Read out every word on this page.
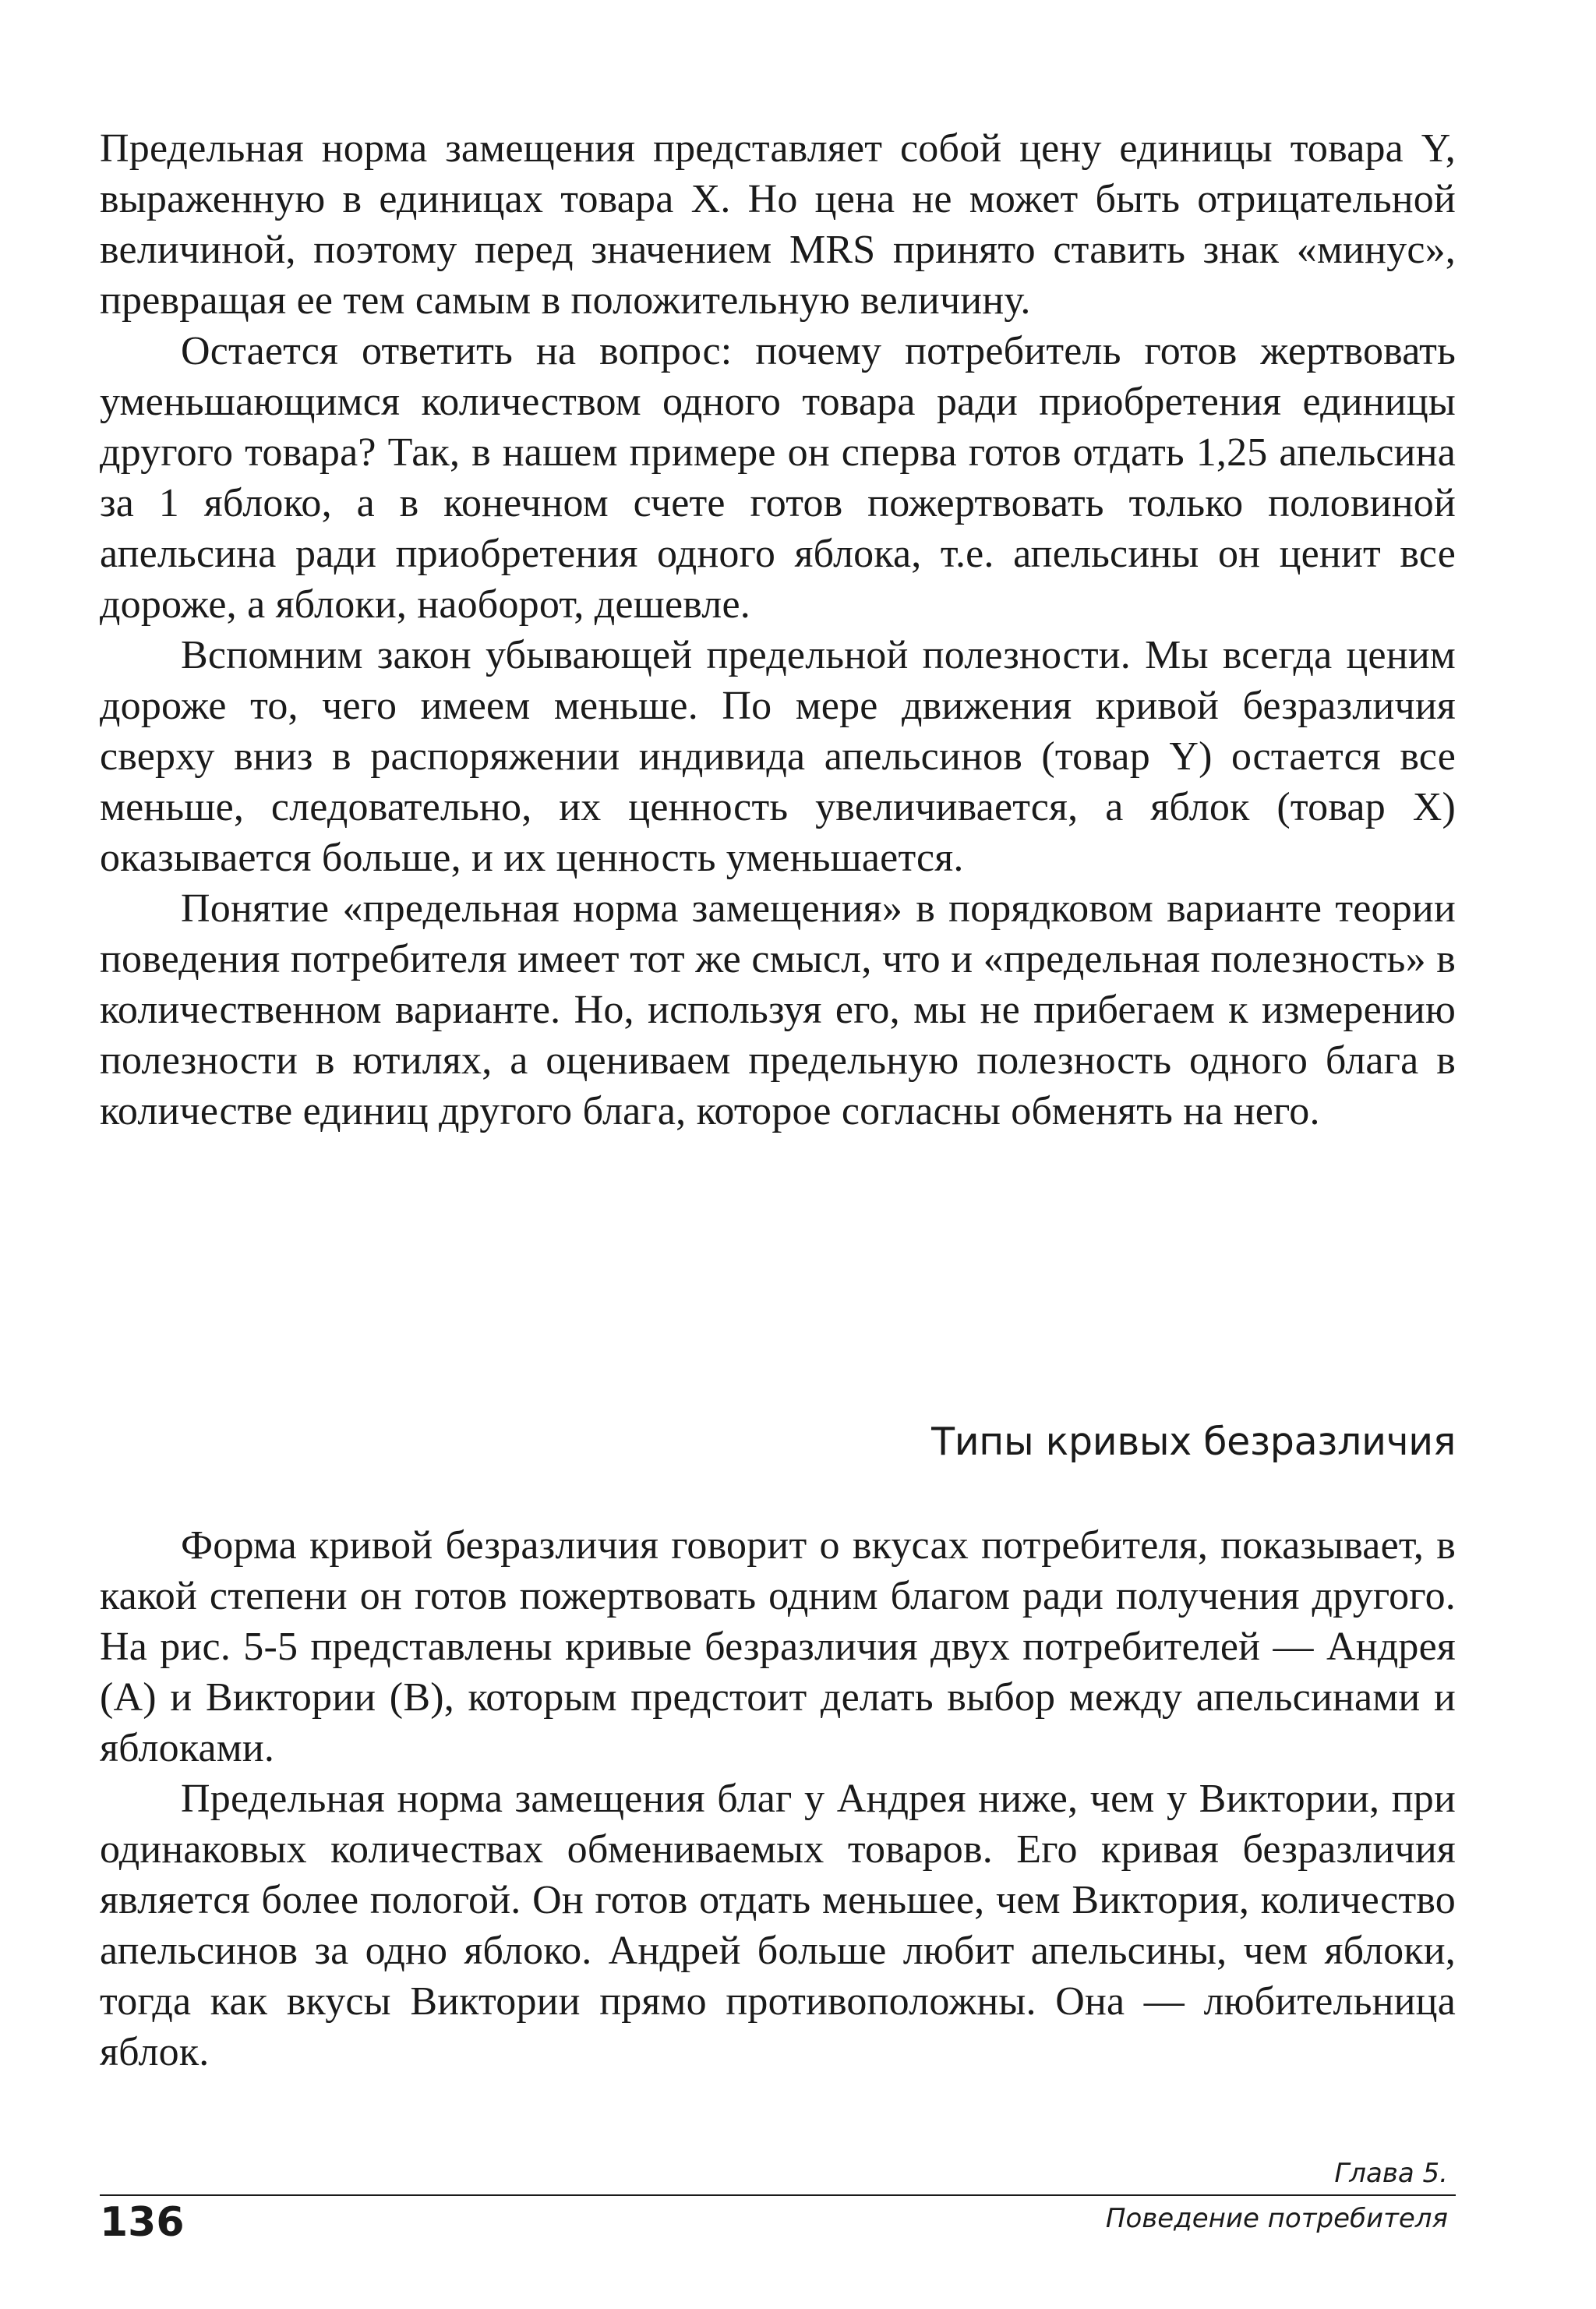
Предельная норма замещения представляет собой цену единицы товара Y, выраженную в единицах товара X. Но цена не может быть отрицательной величиной, поэтому перед значением MRS принято ставить знак «минус», превращая ее тем самым в положительную величину.

Остается ответить на вопрос: почему потребитель готов жертвовать уменьшающимся количеством одного товара ради приобретения единицы другого товара? Так, в нашем примере он сперва готов отдать 1,25 апельсина за 1 яблоко, а в конечном счете готов пожертвовать только половиной апельсина ради приобретения одного яблока, т.е. апельсины он ценит все дороже, а яблоки, наоборот, дешевле.

Вспомним закон убывающей предельной полезности. Мы всегда ценим дороже то, чего имеем меньше. По мере движения кривой безразличия сверху вниз в распоряжении индивида апельсинов (товар Y) остается все меньше, следовательно, их ценность увеличивается, а яблок (товар X) оказывается больше, и их ценность уменьшается.

Понятие «предельная норма замещения» в порядковом варианте теории поведения потребителя имеет тот же смысл, что и «предельная полезность» в количественном варианте. Но, используя его, мы не прибегаем к измерению полезности в ютилях, а оцениваем предельную полезность одного блага в количестве единиц другого блага, которое согласны обменять на него.

Типы кривых безразличия

Форма кривой безразличия говорит о вкусах потребителя, показывает, в какой степени он готов пожертвовать одним благом ради получения другого. На рис. 5-5 представлены кривые безразличия двух потребителей — Андрея (A) и Виктории (B), которым предстоит делать выбор между апельсинами и яблоками.

Предельная норма замещения благ у Андрея ниже, чем у Виктории, при одинаковых количествах обмениваемых товаров. Его кривая безразличия является более пологой. Он готов отдать меньшее, чем Виктория, количество апельсинов за одно яблоко. Андрей больше любит апельсины, чем яблоки, тогда как вкусы Виктории прямо противоположны. Она — любительница яблок.

Глава 5.
136	Поведение потребителя
